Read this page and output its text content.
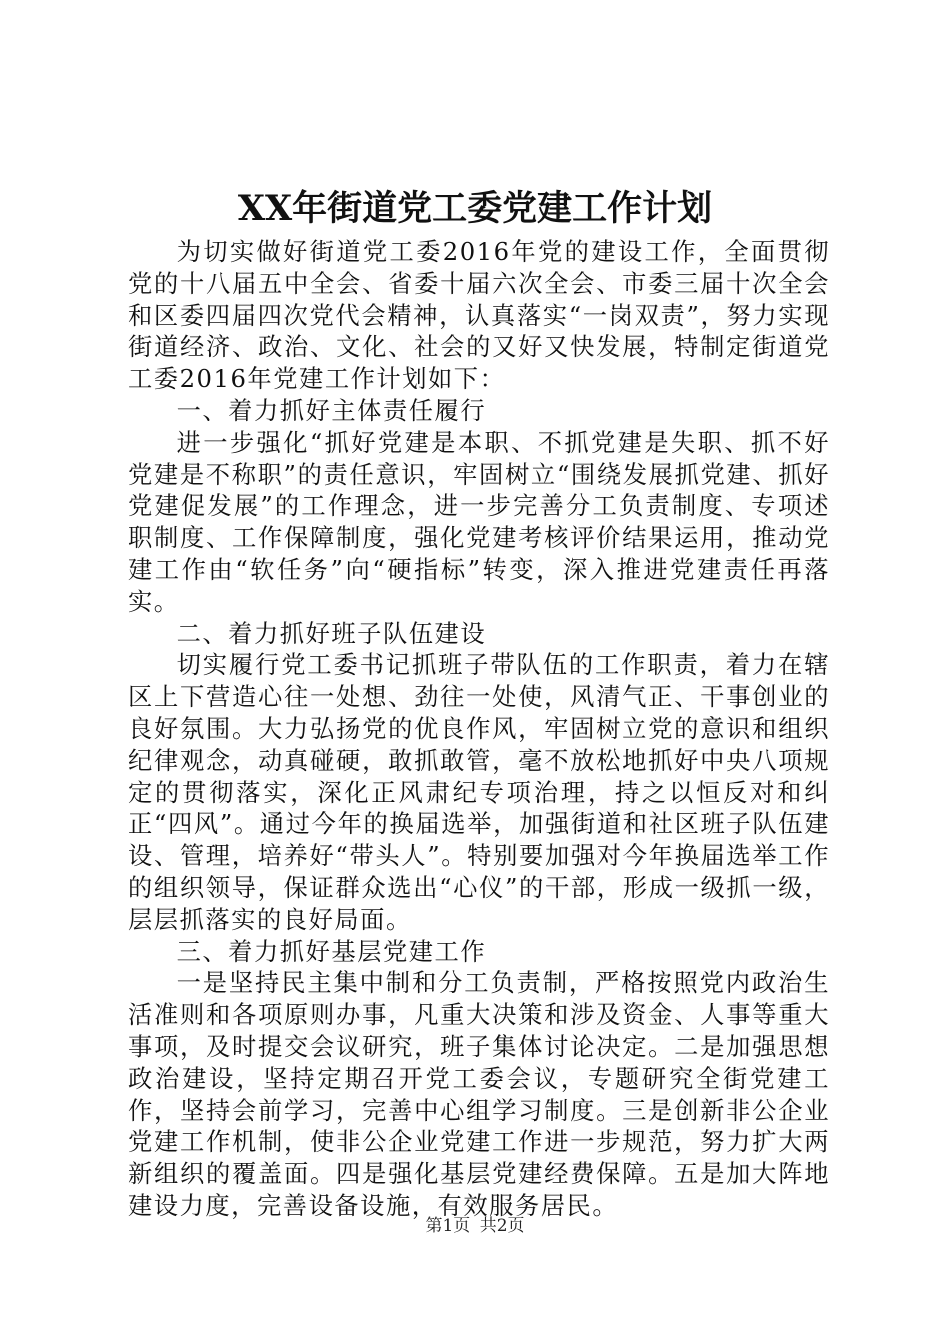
XX年街道党工委党建工作计划

为切实做好街道党工委2016年党的建设工作，全面贯彻党的十八届五中全会、省委十届六次全会、市委三届十次全会和区委四届四次党代会精神，认真落实“一岗双责”，努力实现街道经济、政治、文化、社会的又好又快发展，特制定街道党工委2016年党建工作计划如下：

一、着力抓好主体责任履行

进一步强化“抓好党建是本职、不抓党建是失职、抓不好党建是不称职”的责任意识，牢固树立“围绕发展抓党建、抓好党建促发展”的工作理念，进一步完善分工负责制度、专项述职制度、工作保障制度，强化党建考核评价结果运用，推动党建工作由“软任务”向“硬指标”转变，深入推进党建责任再落实。

二、着力抓好班子队伍建设

切实履行党工委书记抓班子带队伍的工作职责，着力在辖区上下营造心往一处想、劲往一处使，风清气正、干事创业的良好氛围。大力弘扬党的优良作风，牢固树立党的意识和组织纪律观念，动真碰硬，敢抓敢管，毫不放松地抓好中央八项规定的贯彻落实，深化正风肃纪专项治理，持之以恒反对和纠正“四风”。通过今年的换届选举，加强街道和社区班子队伍建设、管理，培养好“带头人”。特别要加强对今年换届选举工作的组织领导，保证群众选出“心仪”的干部，形成一级抓一级，层层抓落实的良好局面。

三、着力抓好基层党建工作

一是坚持民主集中制和分工负责制，严格按照党内政治生活准则和各项原则办事，凡重大决策和涉及资金、人事等重大事项，及时提交会议研究，班子集体讨论决定。二是加强思想政治建设，坚持定期召开党工委会议，专题研究全街党建工作，坚持会前学习，完善中心组学习制度。三是创新非公企业党建工作机制，使非公企业党建工作进一步规范，努力扩大两新组织的覆盖面。四是强化基层党建经费保障。五是加大阵地建设力度，完善设备设施，有效服务居民。

第1页 共2页
